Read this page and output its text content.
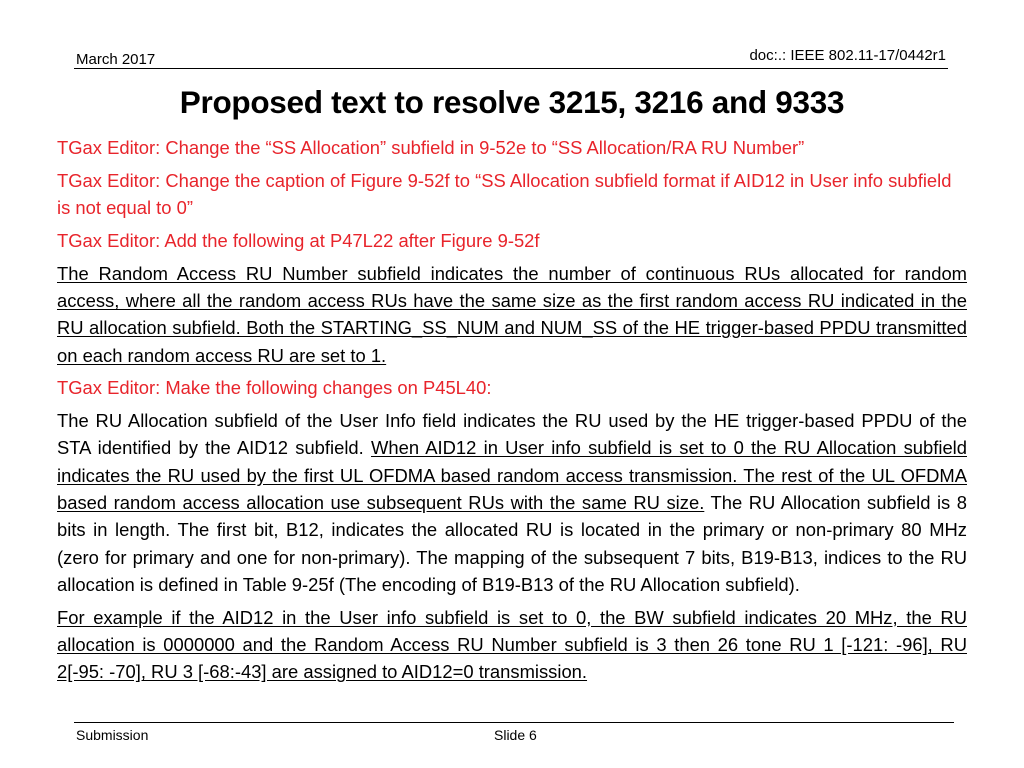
March 2017	doc:.: IEEE 802.11-17/0442r1
Proposed text to resolve 3215, 3216 and 9333

TGax Editor: Change the “SS Allocation” subfield in 9-52e to “SS Allocation/RA RU Number”

TGax Editor: Change the caption of Figure 9-52f to “SS Allocation subfield format if AID12 in User info subfield is not equal to 0”

TGax Editor: Add the following at P47L22 after Figure 9-52f

The Random Access RU Number subfield indicates the number of continuous RUs allocated for random access, where all the random access RUs have the same size as the first random access RU indicated in the RU allocation subfield. Both the STARTING_SS_NUM and NUM_SS of the HE trigger-based PPDU transmitted on each random access RU are set to 1.

TGax Editor: Make the following changes on P45L40:

The RU Allocation subfield of the User Info field indicates the RU used by the HE trigger-based PPDU of the STA identified by the AID12 subfield. When AID12 in User info subfield is set to 0 the RU Allocation subfield indicates the RU used by the first UL OFDMA based random access transmission. The rest of the UL OFDMA based random access allocation use subsequent RUs with the same RU size. The RU Allocation subfield is 8 bits in length. The first bit, B12, indicates the allocated RU is located in the primary or non-primary 80 MHz (zero for primary and one for non-primary). The mapping of the subsequent 7 bits, B19-B13, indices to the RU allocation is defined in Table 9-25f (The encoding of B19-B13 of the RU Allocation subfield).

For example if the AID12 in the User info subfield is set to 0, the BW subfield indicates 20 MHz, the RU allocation is 0000000 and the Random Access RU Number subfield is 3 then 26 tone RU 1 [-121: -96], RU 2[-95: -70], RU 3 [-68:-43] are assigned to AID12=0 transmission.

Submission	Slide 6
